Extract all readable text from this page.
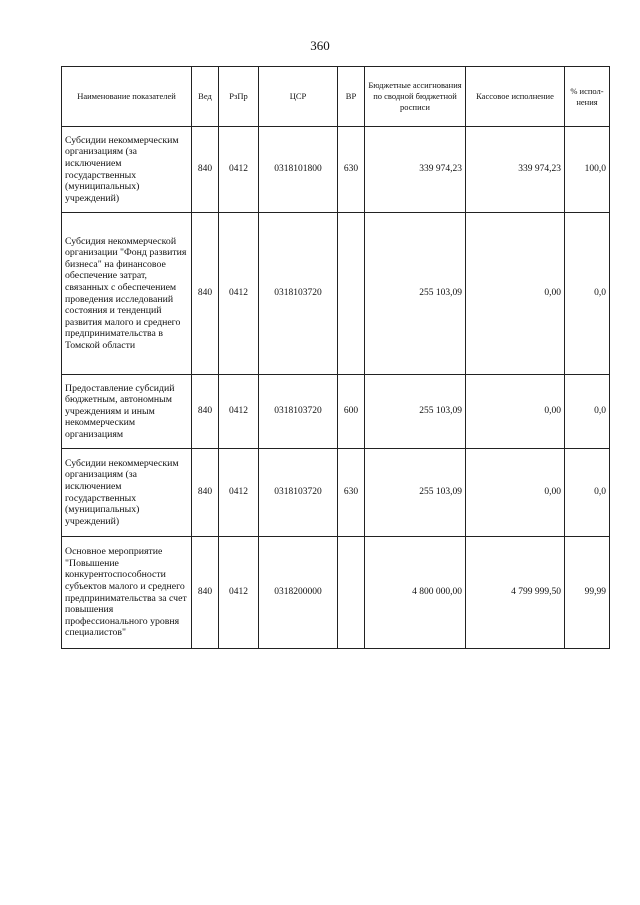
360
Наименование показателей	Вед	РзПр	ЦСР	ВР	Бюджетные ассигнования по сводной бюджетной росписи	Кассовое исполнение	% испол-нения
Субсидии некоммерческим организациям (за исключением государственных (муниципальных) учреждений)	840	0412	0318101800	630	339 974,23	339 974,23	100,0
Субсидия некоммерческой организации "Фонд развития бизнеса" на финансовое обеспечение затрат, связанных с обеспечением проведения исследований состояния и тенденций развития малого и среднего предпринимательства в Томской области	840	0412	0318103720		255 103,09	0,00	0,0
Предоставление субсидий бюджетным, автономным учреждениям и иным некоммерческим организациям	840	0412	0318103720	600	255 103,09	0,00	0,0
Субсидии некоммерческим организациям (за исключением государственных (муниципальных) учреждений)	840	0412	0318103720	630	255 103,09	0,00	0,0
Основное мероприятие "Повышение конкурентоспособности субъектов малого и среднего предпринимательства за счет повышения профессионального уровня специалистов"	840	0412	0318200000		4 800 000,00	4 799 999,50	99,99
